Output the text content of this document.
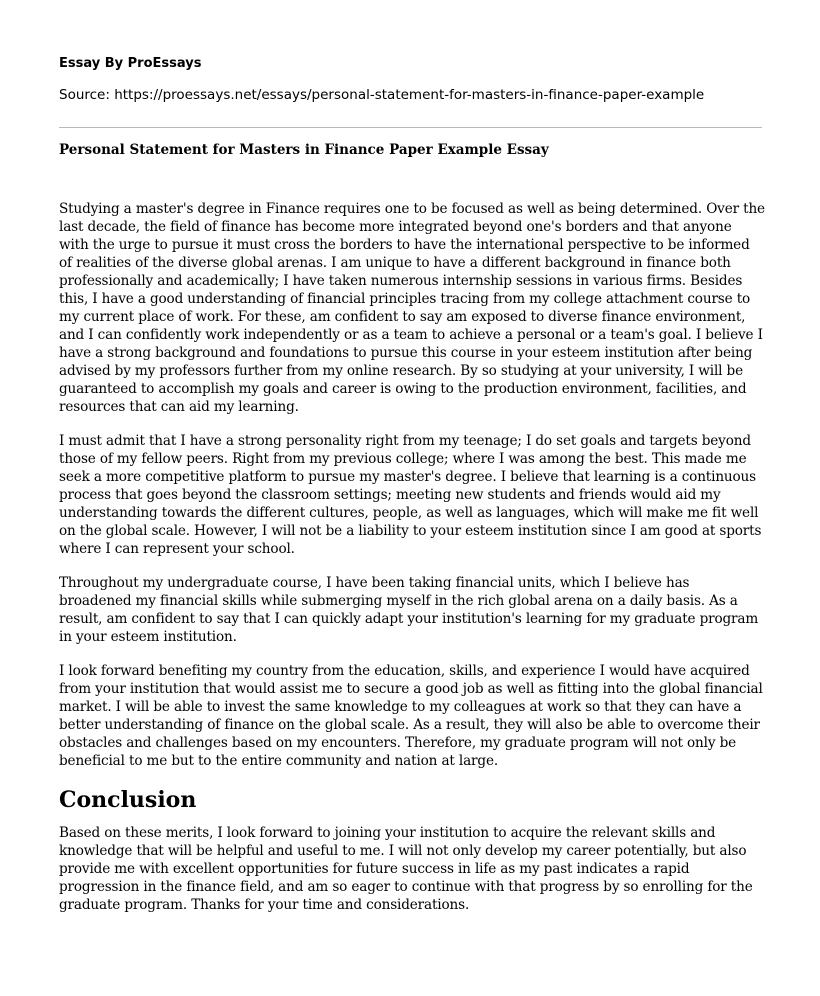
Essay By ProEssays

Source: https://proessays.net/essays/personal-statement-for-masters-in-finance-paper-example

Personal Statement for Masters in Finance Paper Example Essay

Studying a master's degree in Finance requires one to be focused as well as being determined. Over the last decade, the field of finance has become more integrated beyond one's borders and that anyone with the urge to pursue it must cross the borders to have the international perspective to be informed of realities of the diverse global arenas. I am unique to have a different background in finance both professionally and academically; I have taken numerous internship sessions in various firms. Besides this, I have a good understanding of financial principles tracing from my college attachment course to my current place of work. For these, am confident to say am exposed to diverse finance environment, and I can confidently work independently or as a team to achieve a personal or a team's goal. I believe I have a strong background and foundations to pursue this course in your esteem institution after being advised by my professors further from my online research. By so studying at your university, I will be guaranteed to accomplish my goals and career is owing to the production environment, facilities, and resources that can aid my learning.

I must admit that I have a strong personality right from my teenage; I do set goals and targets beyond those of my fellow peers. Right from my previous college; where I was among the best. This made me seek a more competitive platform to pursue my master's degree. I believe that learning is a continuous process that goes beyond the classroom settings; meeting new students and friends would aid my understanding towards the different cultures, people, as well as languages, which will make me fit well on the global scale. However, I will not be a liability to your esteem institution since I am good at sports where I can represent your school.

Throughout my undergraduate course, I have been taking financial units, which I believe has broadened my financial skills while submerging myself in the rich global arena on a daily basis. As a result, am confident to say that I can quickly adapt your institution's learning for my graduate program in your esteem institution.

I look forward benefiting my country from the education, skills, and experience I would have acquired from your institution that would assist me to secure a good job as well as fitting into the global financial market. I will be able to invest the same knowledge to my colleagues at work so that they can have a better understanding of finance on the global scale. As a result, they will also be able to overcome their obstacles and challenges based on my encounters. Therefore, my graduate program will not only be beneficial to me but to the entire community and nation at large.

Conclusion

Based on these merits, I look forward to joining your institution to acquire the relevant skills and knowledge that will be helpful and useful to me. I will not only develop my career potentially, but also provide me with excellent opportunities for future success in life as my past indicates a rapid progression in the finance field, and am so eager to continue with that progress by so enrolling for the graduate program. Thanks for your time and considerations.
